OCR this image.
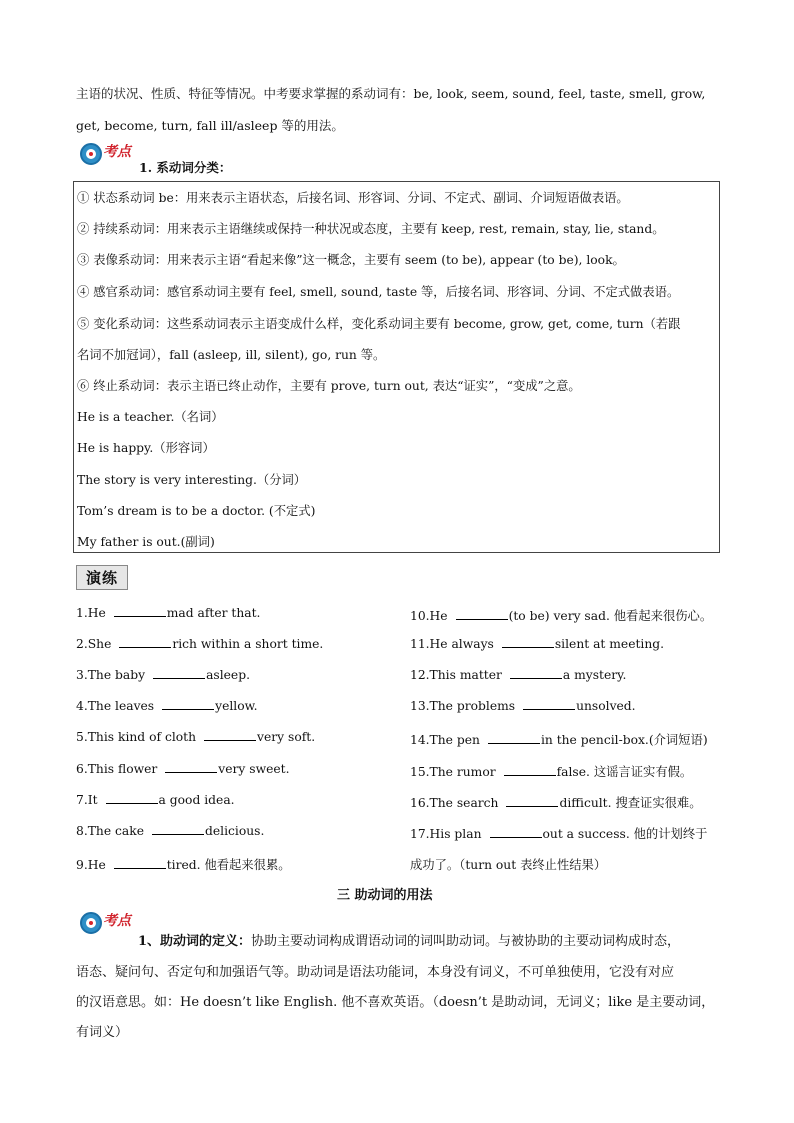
主语的状况、性质、特征等情况。中考要求掌握的系动词有：be, look, seem, sound, feel, taste, smell, grow,
get, become, turn, fall ill/asleep 等的用法。
考点
1. 系动词分类：
① 状态系动词 be：用来表示主语状态，后接名词、形容词、分词、不定式、副词、介词短语做表语。
② 持续系动词：用来表示主语继续或保持一种状况或态度，主要有 keep, rest, remain, stay, lie, stand。
③ 表像系动词：用来表示主语“看起来像”这一概念，主要有 seem (to be), appear (to be), look。
④ 感官系动词：感官系动词主要有 feel, smell, sound, taste 等，后接名词、形容词、分词、不定式做表语。
⑤ 变化系动词：这些系动词表示主语变成什么样，变化系动词主要有 become, grow, get, come, turn（若跟
名词不加冠词），fall (asleep, ill, silent), go, run 等。
⑥ 终止系动词：表示主语已终止动作，主要有 prove, turn out, 表达“证实”，“变成”之意。
He is a teacher.（名词）
He is happy.（形容词）
The story is very interesting.（分词）
Tom’s dream is to be a doctor. (不定式)
My father is out.(副词)
演练
1.He	mad after that.
2.She	rich within a short time.
3.The baby	asleep.
4.The leaves	yellow.
5.This kind of cloth	very soft.
6.This flower	very sweet.
7.It	a good idea.
8.The cake	delicious.
9.He	tired. 他看起来很累。
10.He	(to be) very sad. 他看起来很伤心。
11.He always	silent at meeting.
12.This matter	a mystery.
13.The problems	unsolved.
14.The pen	in the pencil-box.(介词短语)
15.The rumor	false. 这谣言证实有假。
16.The search	difficult. 搜查证实很难。
17.His plan	out a success. 他的计划终于
成功了。（turn out 表终止性结果）
三 助动词的用法
考点
1、助动词的定义：协助主要动词构成谓语动词的词叫助动词。与被协助的主要动词构成时态，
语态、疑问句、否定句和加强语气等。助动词是语法功能词，本身没有词义，不可单独使用，它没有对应
的汉语意思。如：He doesn’t like English. 他不喜欢英语。（doesn’t 是助动词，无词义；like 是主要动词，
有词义）
